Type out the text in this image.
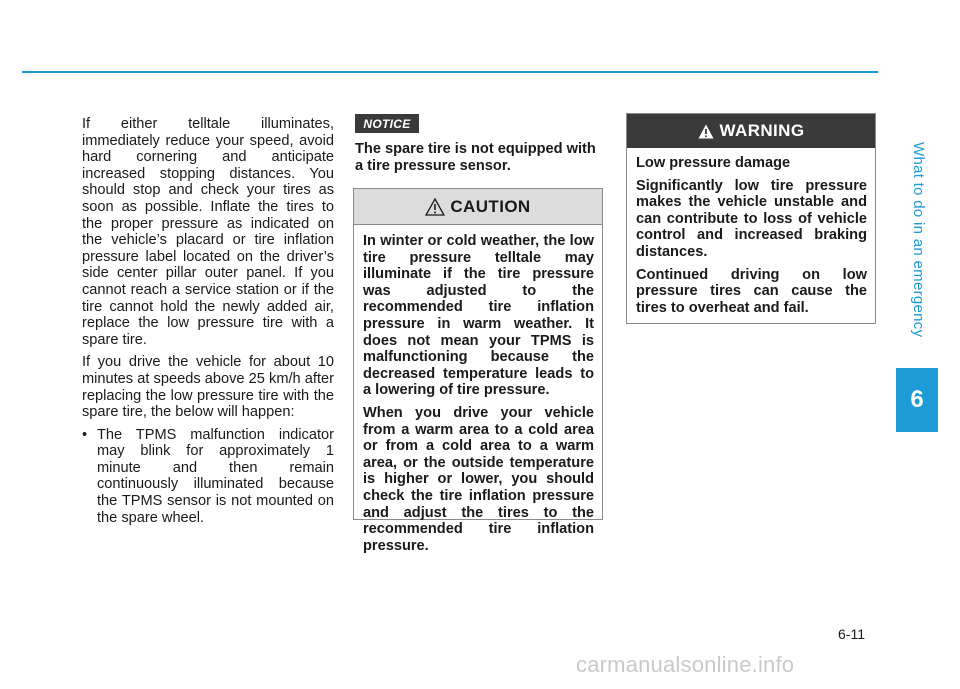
What to do in an emergency
6

If either telltale illuminates, immediately reduce your speed, avoid hard cornering and anticipate increased stopping distances. You should stop and check your tires as soon as possible. Inflate the tires to the proper pressure as indicated on the vehicle’s placard or tire inflation pressure label located on the driver’s side center pillar outer panel. If you cannot reach a service station or if the tire cannot hold the newly added air, replace the low pressure tire with a spare tire.

If you drive the vehicle for about 10 minutes at speeds above 25 km/h after replacing the low pressure tire with the spare tire, the below will happen:

• The TPMS malfunction indicator may blink for approximately 1 minute and then remain continuously illuminated because the TPMS sensor is not mounted on the spare wheel.
NOTICE
The spare tire is not equipped with a tire pressure sensor.
CAUTION

In winter or cold weather, the low tire pressure telltale may illuminate if the tire pressure was adjusted to the recommended tire inflation pressure in warm weather. It does not mean your TPMS is malfunctioning because the decreased temperature leads to a lowering of tire pressure.

When you drive your vehicle from a warm area to a cold area or from a cold area to a warm area, or the outside temperature is higher or lower, you should check the tire inflation pressure and adjust the tires to the recommended tire inflation pressure.

WARNING

Low pressure damage

Significantly low tire pressure makes the vehicle unstable and can contribute to loss of vehicle control and increased braking distances.

Continued driving on low pressure tires can cause the tires to overheat and fail.

6-11
carmanualsonline.info
